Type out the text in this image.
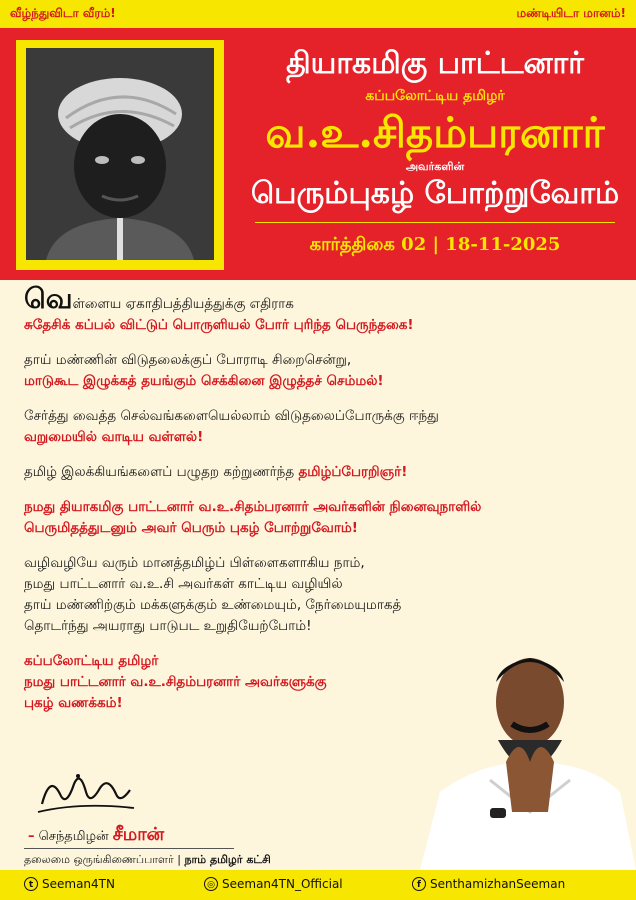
வீழ்ந்துவிடா வீரம்!	மண்டியிடா மானம்!
தியாகமிகு பாட்டனார்
கப்பலோட்டிய தமிழர்
வ.உ.சிதம்பரனார்
அவர்களின்
பெரும்புகழ் போற்றுவோம்
கார்த்திகை 02 | 18-11-2025

வெள்ளைய ஏகாதிபத்தியத்துக்கு எதிராக
சுதேசிக் கப்பல் விட்டுப் பொருளியல் போர் புரிந்த பெருந்தகை!

தாய் மண்ணின் விடுதலைக்குப் போராடி சிறைசென்று,
மாடுகூட இழுக்கத் தயங்கும் செக்கினை இழுத்தச் செம்மல்!

சேர்த்து வைத்த செல்வங்களையெல்லாம் விடுதலைப்போருக்கு ஈந்து
வறுமையில் வாடிய வள்ளல்!

தமிழ் இலக்கியங்களைப் பழுதற கற்றுணர்ந்த தமிழ்ப்பேரறிஞர்!

நமது தியாகமிகு பாட்டனார் வ.உ.சிதம்பரனார் அவர்களின் நினைவுநாளில்
பெருமிதத்துடனும் அவர் பெரும் புகழ் போற்றுவோம்!

வழிவழியே வரும் மானத்தமிழ்ப் பிள்ளைகளாகிய நாம்,
நமது பாட்டனார் வ.உ.சி அவர்கள் காட்டிய வழியில்
தாய் மண்ணிற்கும் மக்களுக்கும் உண்மையும், நேர்மையுமாகத்
தொடர்ந்து அயராது பாடுபட உறுதியேற்போம்!

கப்பலோட்டிய தமிழர்
நமது பாட்டனார் வ.உ.சிதம்பரனார் அவர்களுக்கு
புகழ் வணக்கம்!

– செந்தமிழன் சீமான்
தலைமை ஒருங்கிணைப்பாளர் | நாம் தமிழர் கட்சி
t Seeman4TN	◎ Seeman4TN_Official	f SenthamizhanSeeman
